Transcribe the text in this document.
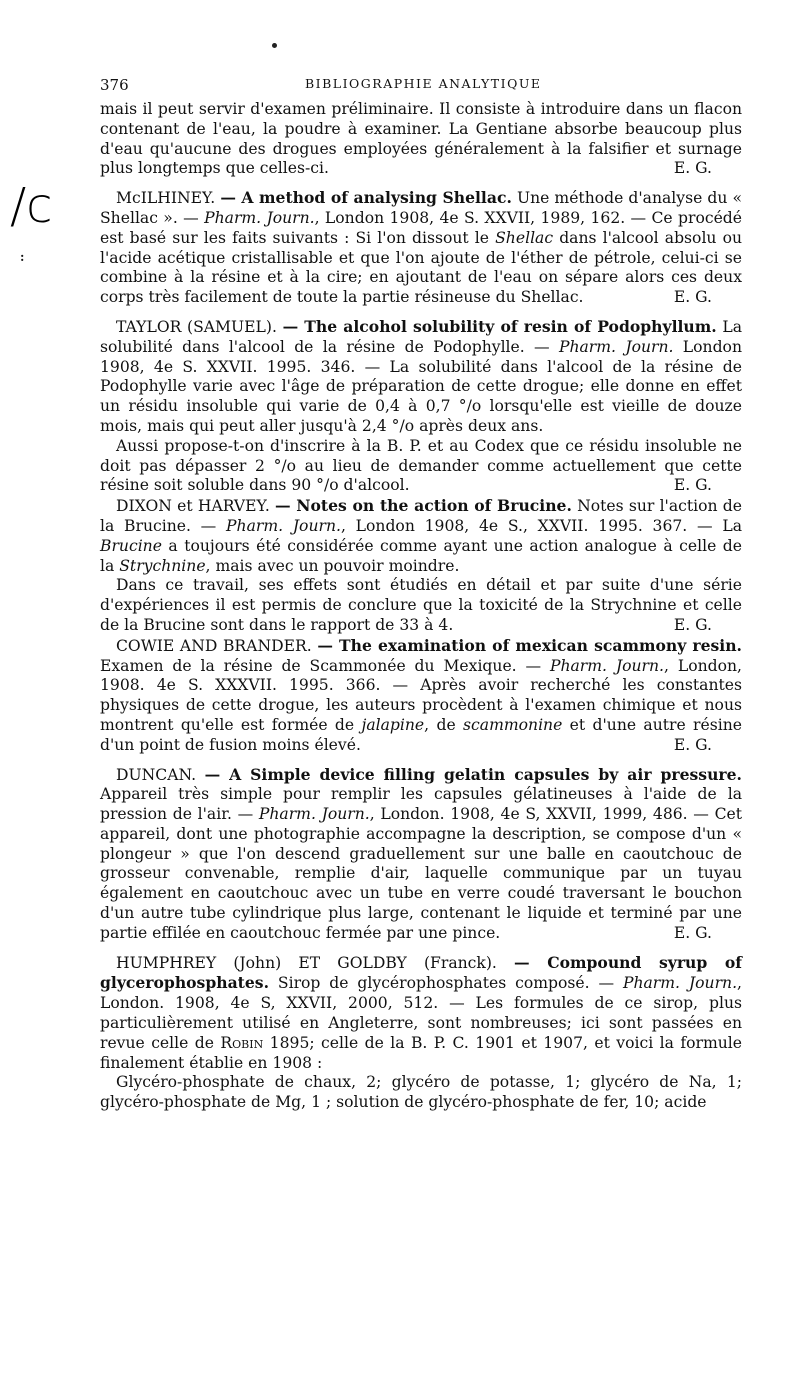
/c
:
376	BIBLIOGRAPHIE ANALYTIQUE

mais il peut servir d'examen préliminaire. Il consiste à introduire dans un flacon contenant de l'eau, la poudre à examiner. La Gentiane absorbe beaucoup plus d'eau qu'aucune des drogues employées généralement à la falsifier et surnage plus longtemps que celles-ci.	E. G.

McILHINEY. — A method of analysing Shellac. Une méthode d'analyse du « Shellac ». — Pharm. Journ., London 1908, 4e S. XXVII, 1989, 162. — Ce procédé est basé sur les faits suivants : Si l'on dissout le Shellac dans l'alcool absolu ou l'acide acétique cristallisable et que l'on ajoute de l'éther de pétrole, celui-ci se combine à la résine et à la cire; en ajoutant de l'eau on sépare alors ces deux corps très facilement de toute la partie résineuse du Shellac.	E. G.

TAYLOR (SAMUEL). — The alcohol solubility of resin of Podophyllum. La solubilité dans l'alcool de la résine de Podophylle. — Pharm. Journ. London 1908, 4e S. XXVII. 1995. 346. — La solubilité dans l'alcool de la résine de Podophylle varie avec l'âge de préparation de cette drogue; elle donne en effet un résidu insoluble qui varie de 0,4 à 0,7 °/o lorsqu'elle est vieille de douze mois, mais qui peut aller jusqu'à 2,4 °/o après deux ans.

Aussi propose-t-on d'inscrire à la B. P. et au Codex que ce résidu insoluble ne doit pas dépasser 2 °/o au lieu de demander comme actuellement que cette résine soit soluble dans 90 °/o d'alcool.	E. G.

DIXON et HARVEY. — Notes on the action of Brucine. Notes sur l'action de la Brucine. — Pharm. Journ., London 1908, 4e S., XXVII. 1995. 367. — La Brucine a toujours été considérée comme ayant une action analogue à celle de la Strychnine, mais avec un pouvoir moindre.

Dans ce travail, ses effets sont étudiés en détail et par suite d'une série d'expériences il est permis de conclure que la toxicité de la Strychnine et celle de la Brucine sont dans le rapport de 33 à 4.	E. G.

COWIE AND BRANDER. — The examination of mexican scammony resin. Examen de la résine de Scammonée du Mexique. — Pharm. Journ., London, 1908. 4e S. XXXVII. 1995. 366. — Après avoir recherché les constantes physiques de cette drogue, les auteurs procèdent à l'examen chimique et nous montrent qu'elle est formée de jalapine, de scammonine et d'une autre résine d'un point de fusion moins élevé.	E. G.

DUNCAN. — A Simple device filling gelatin capsules by air pressure. Appareil très simple pour remplir les capsules gélatineuses à l'aide de la pression de l'air. — Pharm. Journ., London. 1908, 4e S, XXVII, 1999, 486. — Cet appareil, dont une photographie accompagne la description, se compose d'un « plongeur » que l'on descend graduellement sur une balle en caoutchouc de grosseur convenable, remplie d'air, laquelle communique par un tuyau également en caoutchouc avec un tube en verre coudé traversant le bouchon d'un autre tube cylindrique plus large, contenant le liquide et terminé par une partie effilée en caoutchouc fermée par une pince.	E. G.

HUMPHREY (John) ET GOLDBY (Franck). — Compound syrup of glycerophosphates. Sirop de glycérophosphates composé. — Pharm. Journ., London. 1908, 4e S, XXVII, 2000, 512. — Les formules de ce sirop, plus particulièrement utilisé en Angleterre, sont nombreuses; ici sont passées en revue celle de Robin 1895; celle de la B. P. C. 1901 et 1907, et voici la formule finalement établie en 1908 :

Glycéro-phosphate de chaux, 2; glycéro de potasse, 1; glycéro de Na, 1; glycéro-phosphate de Mg, 1 ; solution de glycéro-phosphate de fer, 10; acide
